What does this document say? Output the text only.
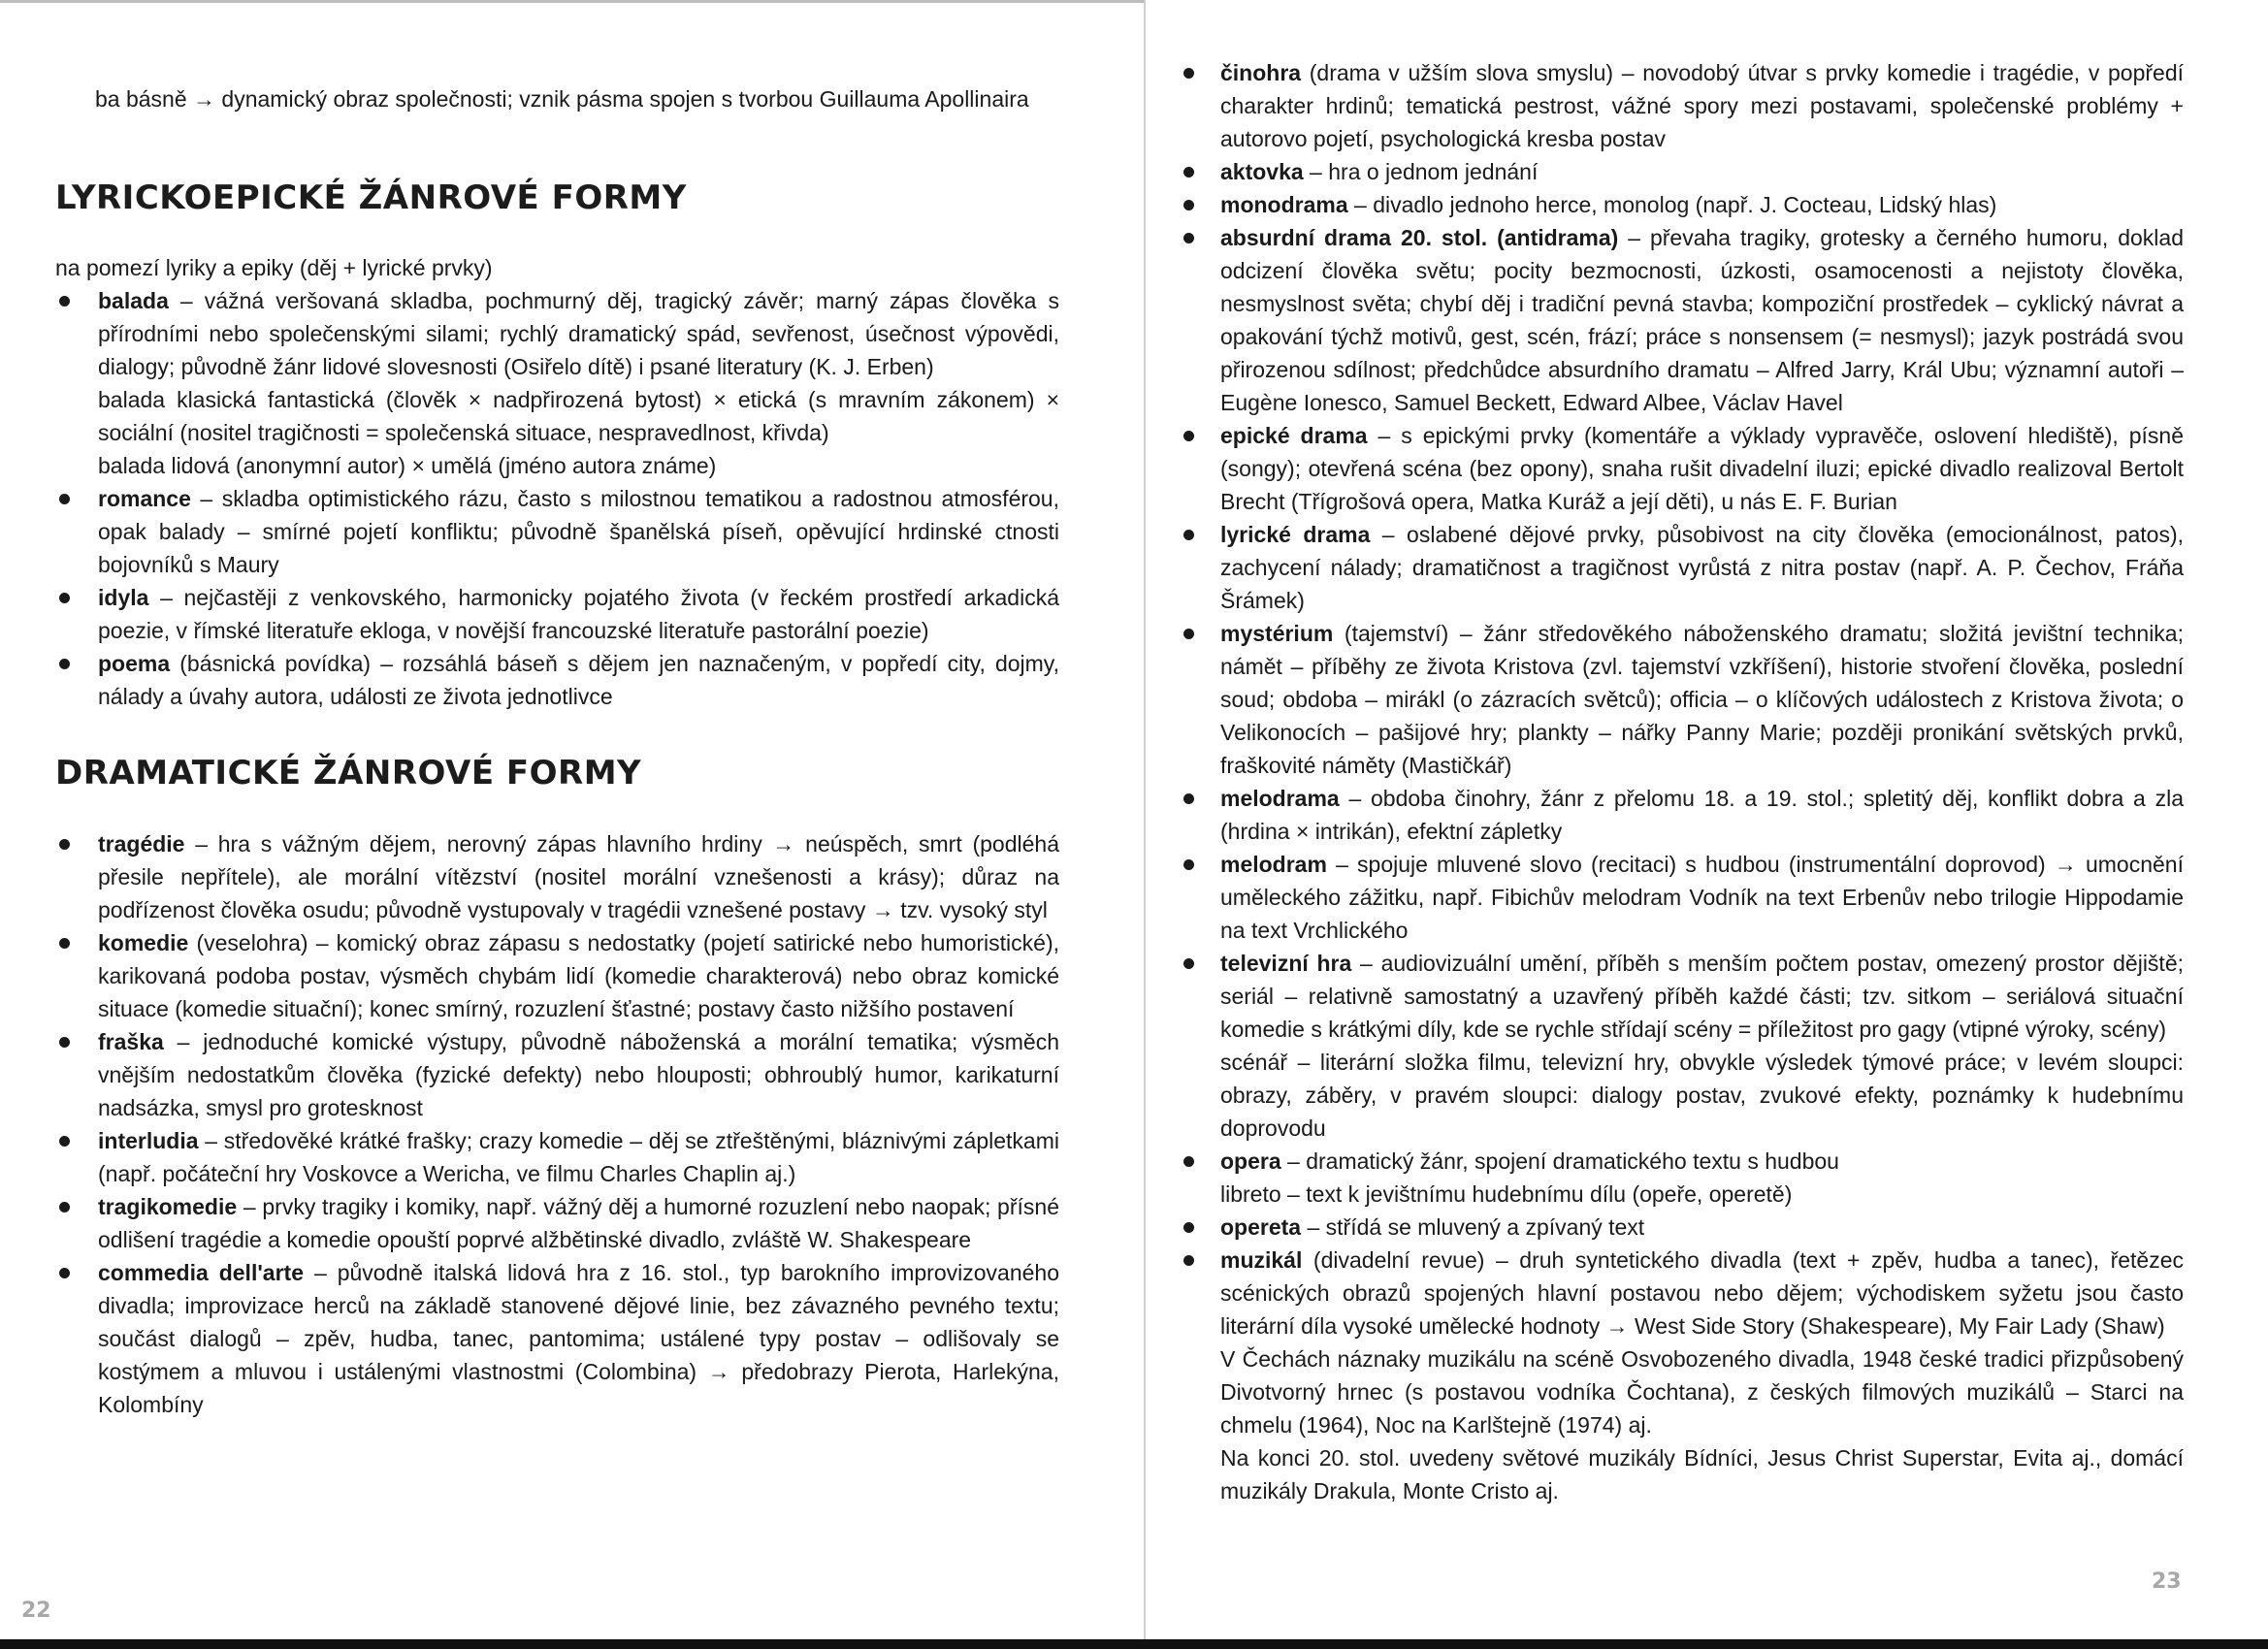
ba básně → dynamický obraz společnosti; vznik pásma spojen s tvorbou Guillauma Apollinaira

LYRICKOEPICKÉ ŽÁNROVÉ FORMY

na pomezí lyriky a epiky (děj + lyrické prvky)

balada – vážná veršovaná skladba, pochmurný děj, tragický závěr; marný zápas člověka s přírodními nebo společenskými silami; rychlý dramatický spád, sevřenost, úsečnost výpovědi, dialogy; původně žánr lidové slovesnosti (Osiřelo dítě) i psané literatury (K. J. Erben)
balada klasická fantastická (člověk × nadpřirozená bytost) × etická (s mravním zákonem) × sociální (nositel tragičnosti = společenská situace, nespravedlnost, křivda)
balada lidová (anonymní autor) × umělá (jméno autora známe)
romance – skladba optimistického rázu, často s milostnou tematikou a radostnou atmosférou, opak balady – smírné pojetí konfliktu; původně španělská píseň, opěvující hrdinské ctnosti bojovníků s Maury
idyla – nejčastěji z venkovského, harmonicky pojatého života (v řeckém prostředí arkadická poezie, v římské literatuře ekloga, v novější francouzské literatuře pastorální poezie)
poema (básnická povídka) – rozsáhlá báseň s dějem jen naznačeným, v popředí city, dojmy, nálady a úvahy autora, události ze života jednotlivce
DRAMATICKÉ ŽÁNROVÉ FORMY
tragédie – hra s vážným dějem, nerovný zápas hlavního hrdiny → neúspěch, smrt (podléhá přesile nepřítele), ale morální vítězství (nositel morální vznešenosti a krásy); důraz na podřízenost člověka osudu; původně vystupovaly v tragédii vznešené postavy → tzv. vysoký styl
komedie (veselohra) – komický obraz zápasu s nedostatky (pojetí satirické nebo humoristické), karikovaná podoba postav, výsměch chybám lidí (komedie charakterová) nebo obraz komické situace (komedie situační); konec smírný, rozuzlení šťastné; postavy často nižšího postavení
fraška – jednoduché komické výstupy, původně náboženská a morální tematika; výsměch vnějším nedostatkům člověka (fyzické defekty) nebo hlouposti; obhroublý humor, karikaturní nadsázka, smysl pro grotesknost
interludia – středověké krátké frašky; crazy komedie – děj se ztřeštěnými, bláznivými zápletkami (např. počáteční hry Voskovce a Wericha, ve filmu Charles Chaplin aj.)
tragikomedie – prvky tragiky i komiky, např. vážný děj a humorné rozuzlení nebo naopak; přísné odlišení tragédie a komedie opouští poprvé alžbětinské divadlo, zvláště W. Shakespeare
commedia dell'arte – původně italská lidová hra z 16. stol., typ barokního improvizovaného divadla; improvizace herců na základě stanovené dějové linie, bez závazného pevného textu; součást dialogů – zpěv, hudba, tanec, pantomima; ustálené typy postav – odlišovaly se kostýmem a mluvou i ustálenými vlastnostmi (Colombina) → předobrazy Pierota, Harlekýna, Kolombíny
22
činohra (drama v užším slova smyslu) – novodobý útvar s prvky komedie i tragédie, v popředí charakter hrdinů; tematická pestrost, vážné spory mezi postavami, společenské problémy + autorovo pojetí, psychologická kresba postav
aktovka – hra o jednom jednání
monodrama – divadlo jednoho herce, monolog (např. J. Cocteau, Lidský hlas)
absurdní drama 20. stol. (antidrama) – převaha tragiky, grotesky a černého humoru, doklad odcizení člověka světu; pocity bezmocnosti, úzkosti, osamocenosti a nejistoty člověka, nesmyslnost světa; chybí děj i tradiční pevná stavba; kompoziční prostředek – cyklický návrat a opakování týchž motivů, gest, scén, frází; práce s nonsensem (= nesmysl); jazyk postrádá svou přirozenou sdílnost; předchůdce absurdního dramatu – Alfred Jarry, Král Ubu; významní autoři – Eugène Ionesco, Samuel Beckett, Edward Albee, Václav Havel
epické drama – s epickými prvky (komentáře a výklady vypravěče, oslovení hlediště), písně (songy); otevřená scéna (bez opony), snaha rušit divadelní iluzi; epické divadlo realizoval Bertolt Brecht (Třígrošová opera, Matka Kuráž a její děti), u nás E. F. Burian
lyrické drama – oslabené dějové prvky, působivost na city člověka (emocionálnost, patos), zachycení nálady; dramatičnost a tragičnost vyrůstá z nitra postav (např. A. P. Čechov, Fráňa Šrámek)
mystérium (tajemství) – žánr středověkého náboženského dramatu; složitá jevištní technika; námět – příběhy ze života Kristova (zvl. tajemství vzkříšení), historie stvoření člověka, poslední soud; obdoba – mirákl (o zázracích světců); officia – o klíčových událostech z Kristova života; o Velikonocích – pašijové hry; plankty – nářky Panny Marie; později pronikání světských prvků, fraškovité náměty (Mastičkář)
melodrama – obdoba činohry, žánr z přelomu 18. a 19. stol.; spletitý děj, konflikt dobra a zla (hrdina × intrikán), efektní zápletky
melodram – spojuje mluvené slovo (recitaci) s hudbou (instrumentální doprovod) → umocnění uměleckého zážitku, např. Fibichův melodram Vodník na text Erbenův nebo trilogie Hippodamie na text Vrchlického
televizní hra – audiovizuální umění, příběh s menším počtem postav, omezený prostor dějiště; seriál – relativně samostatný a uzavřený příběh každé části; tzv. sitkom – seriálová situační komedie s krátkými díly, kde se rychle střídají scény = příležitost pro gagy (vtipné výroky, scény)
scénář – literární složka filmu, televizní hry, obvykle výsledek týmové práce; v levém sloupci: obrazy, záběry, v pravém sloupci: dialogy postav, zvukové efekty, poznámky k hudebnímu doprovodu
opera – dramatický žánr, spojení dramatického textu s hudbou
libreto – text k jevištnímu hudebnímu dílu (opeře, operetě)
opereta – střídá se mluvený a zpívaný text
muzikál (divadelní revue) – druh syntetického divadla (text + zpěv, hudba a tanec), řetězec scénických obrazů spojených hlavní postavou nebo dějem; východiskem syžetu jsou často literární díla vysoké umělecké hodnoty → West Side Story (Shakespeare), My Fair Lady (Shaw)
V Čechách náznaky muzikálu na scéně Osvobozeného divadla, 1948 české tradici přizpůsobený Divotvorný hrnec (s postavou vodníka Čochtana), z českých filmových muzikálů – Starci na chmelu (1964), Noc na Karlštejně (1974) aj.
Na konci 20. stol. uvedeny světové muzikály Bídníci, Jesus Christ Superstar, Evita aj., domácí muzikály Drakula, Monte Cristo aj.
23
